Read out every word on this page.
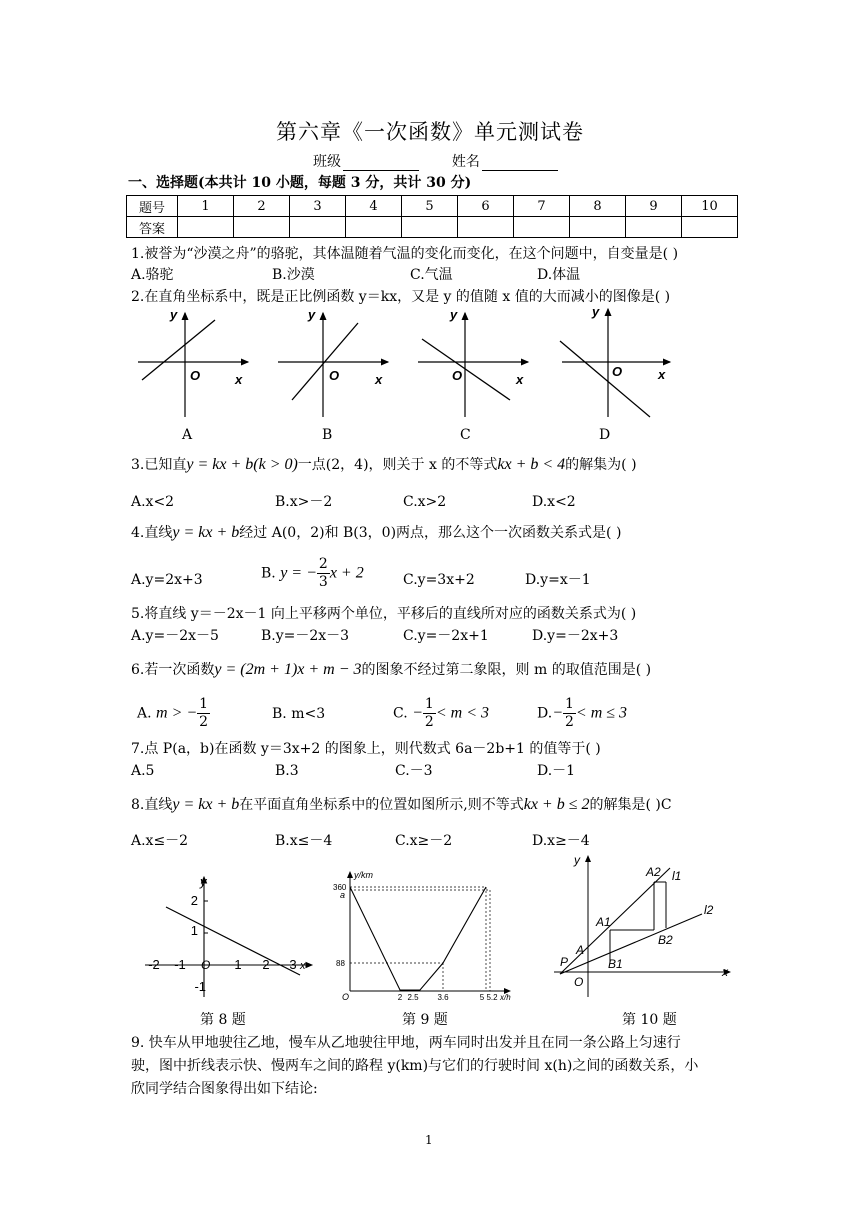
第六章《一次函数》单元测试卷
班级	姓名
一、选择题(本共计 10 小题，每题 3 分，共计 30 分)
题号	1	2	3	4	5	6	7	8	9	10
答案										
1.被誉为“沙漠之舟”的骆驼，其体温随着气温的变化而变化，在这个问题中，自变量是( )
A.骆驼	B.沙漠	C.气温	D.体温
2.在直角坐标系中，既是正比例函数 y＝kx，又是 y 的值随 x 值的大而减小的图像是( )
y
x
O
y
x
O
y
x
O
y
x
O
A	B	C	D
3.已知直y = kx + b(k > 0)一点(2，4)，则关于 x 的不等式kx + b < 4的解集为( )
A.x<2	B.x>－2	C.x>2	D.x<2
4.直线y = kx + b经过 A(0，2)和 B(3，0)两点，那么这个一次函数关系式是( )
A.y=2x+3	B. y = − $\frac{2}{3}$ x + 2	C.y=3x+2	D.y=x－1
5.将直线 y＝－2x－1 向上平移两个单位，平移后的直线所对应的函数关系式为( )
A.y=－2x－5	B.y=－2x－3	C.y=－2x+1	D.y=－2x+3
6.若一次函数y = (2m + 1)x + m − 3的图象不经过第二象限，则 m 的取值范围是( )
A. m > − $\frac{1}{2}$	B. m<3	C. − $\frac{1}{2} < m < 3$	$D.- \frac{1}{2} < m \le 3$
7.点 P(a，b)在函数 y＝3x+2 的图象上，则代数式 6a－2b+1 的值等于( )
A.5	B.3	C.－3	D.－1
8.直线y = kx + b在平面直角坐标系中的位置如图所示,则不等式kx + b ≤ 2的解集是( )C
A.x≤－2	B.x≤－4	C.x≥－2	D.x≥－4
y
x
2
1
-1
-2 -1	1 2 3
O
y/km
360
a
88
O	2 2.5 3.6	5 5.2 x/h
y
x
A2 l1
l2
A1
B2
A
P	B1
O
第 8 题	第 9 题	第 10 题
9. 快车从甲地驶往乙地，慢车从乙地驶往甲地，两车同时出发并且在同一条公路上匀速行
驶，图中折线表示快、慢两车之间的路程 y(km)与它们的行驶时间 x(h)之间的函数关系，小
欣同学结合图象得出如下结论:
1
